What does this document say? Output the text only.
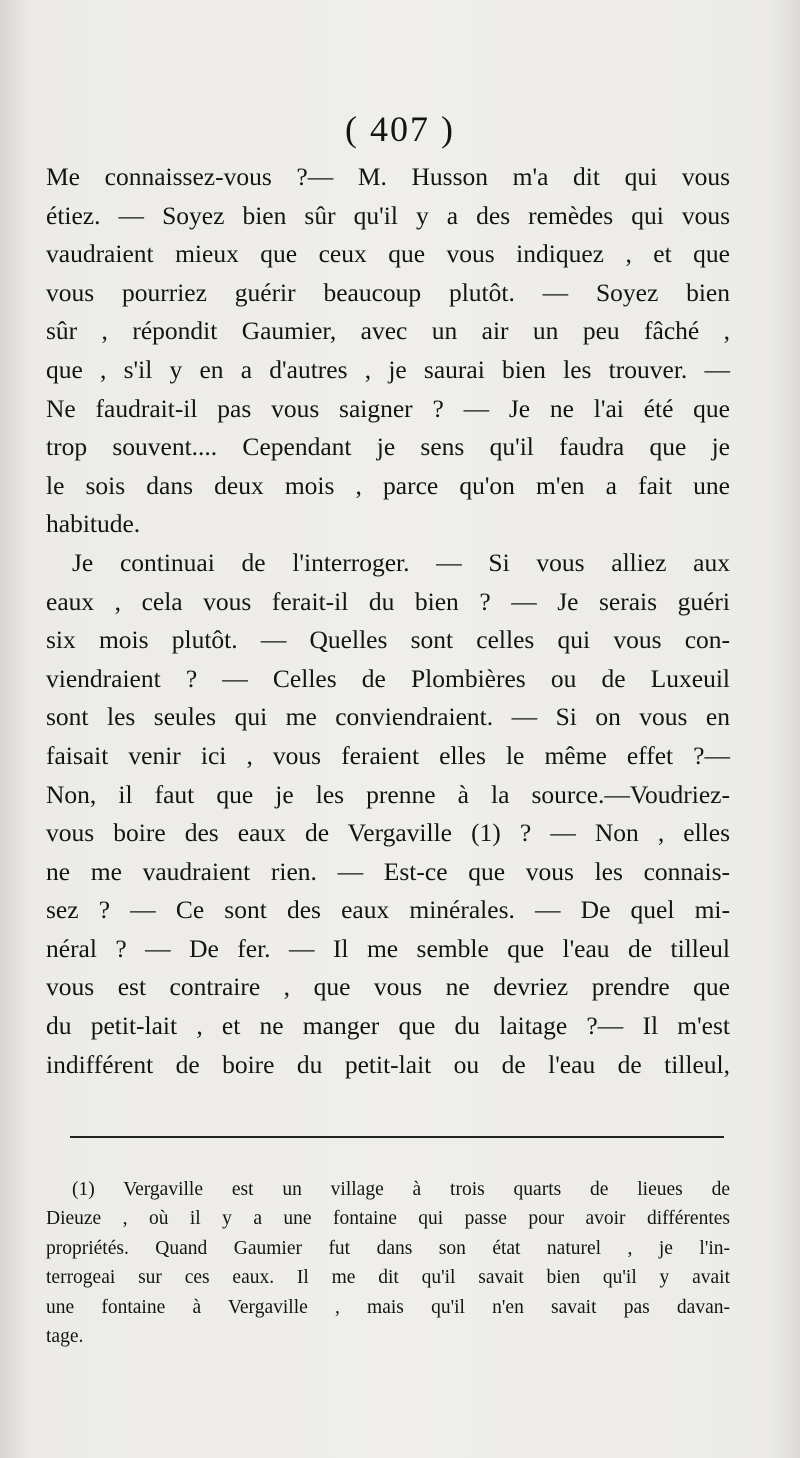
( 407 )

Me connaissez-vous ?— M. Husson m'a dit qui vous
étiez. — Soyez bien sûr qu'il y a des remèdes qui vous
vaudraient mieux que ceux que vous indiquez , et que
vous pourriez guérir beaucoup plutôt. — Soyez bien
sûr , répondit Gaumier, avec un air un peu fâché ,
que , s'il y en a d'autres , je saurai bien les trouver. —
Ne faudrait-il pas vous saigner ? — Je ne l'ai été que
trop souvent.... Cependant je sens qu'il faudra que je
le sois dans deux mois , parce qu'on m'en a fait une
habitude.

Je continuai de l'interroger. — Si vous alliez aux
eaux , cela vous ferait-il du bien ? — Je serais guéri
six mois plutôt. — Quelles sont celles qui vous con-
viendraient ? — Celles de Plombières ou de Luxeuil
sont les seules qui me conviendraient. — Si on vous en
faisait venir ici , vous feraient elles le même effet ?—
Non, il faut que je les prenne à la source.—Voudriez-
vous boire des eaux de Vergaville (1) ? — Non , elles
ne me vaudraient rien. — Est-ce que vous les connais-
sez ? — Ce sont des eaux minérales. — De quel mi-
néral ? — De fer. — Il me semble que l'eau de tilleul
vous est contraire , que vous ne devriez prendre que
du petit-lait , et ne manger que du laitage ?— Il m'est
indifférent de boire du petit-lait ou de l'eau de tilleul,

(1) Vergaville est un village à trois quarts de lieues de
Dieuze , où il y a une fontaine qui passe pour avoir différentes
propriétés. Quand Gaumier fut dans son état naturel , je l'in-
terrogeai sur ces eaux. Il me dit qu'il savait bien qu'il y avait
une fontaine à Vergaville , mais qu'il n'en savait pas davan-
tage.
